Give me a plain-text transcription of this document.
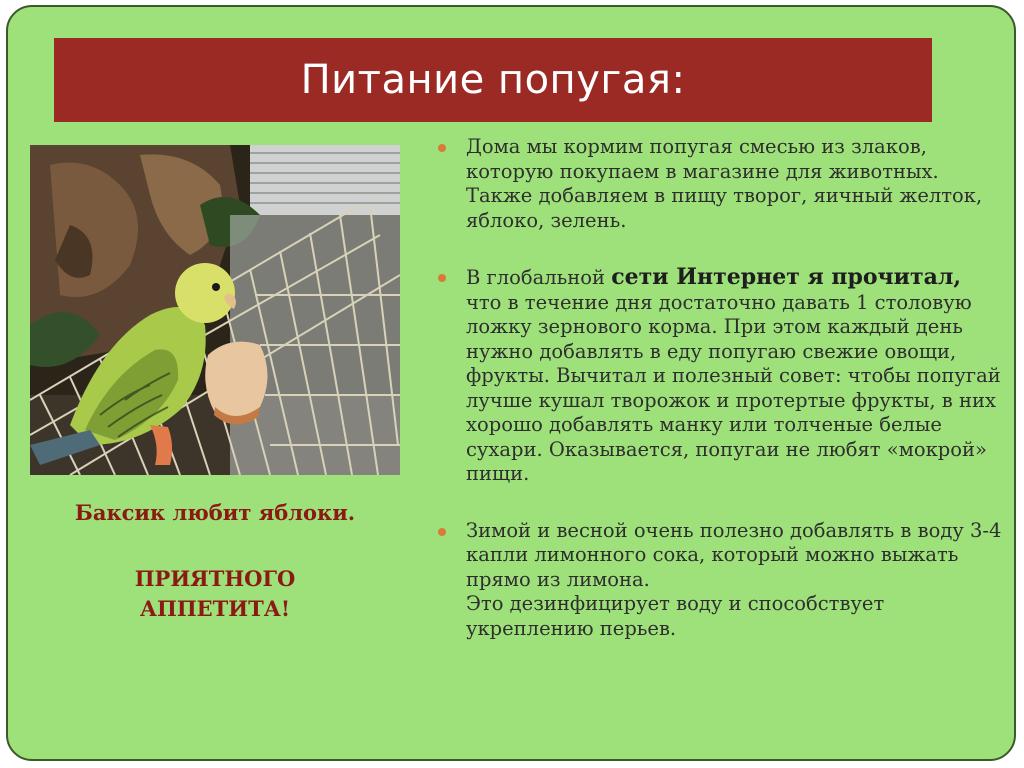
Питание попугая:
Баксик любит яблоки.
ПРИЯТНОГО
АППЕТИТА!
Дома мы кормим попугая смесью из злаков, которую покупаем в магазине для животных. Также добавляем в пищу творог, яичный желток, яблоко, зелень.
В глобальной сети Интернет я прочитал, что в течение дня достаточно давать 1 столовую ложку зернового корма. При этом каждый день нужно добавлять в еду попугаю свежие овощи, фрукты. Вычитал и полезный совет: чтобы попугай лучше кушал творожок и протертые фрукты, в них хорошо добавлять манку или толченые белые сухари. Оказывается, попугаи не любят «мокрой» пищи.
Зимой и весной очень полезно добавлять в воду 3-4 капли лимонного сока, который можно выжать прямо из лимона.
Это дезинфицирует воду и способствует укреплению перьев.
